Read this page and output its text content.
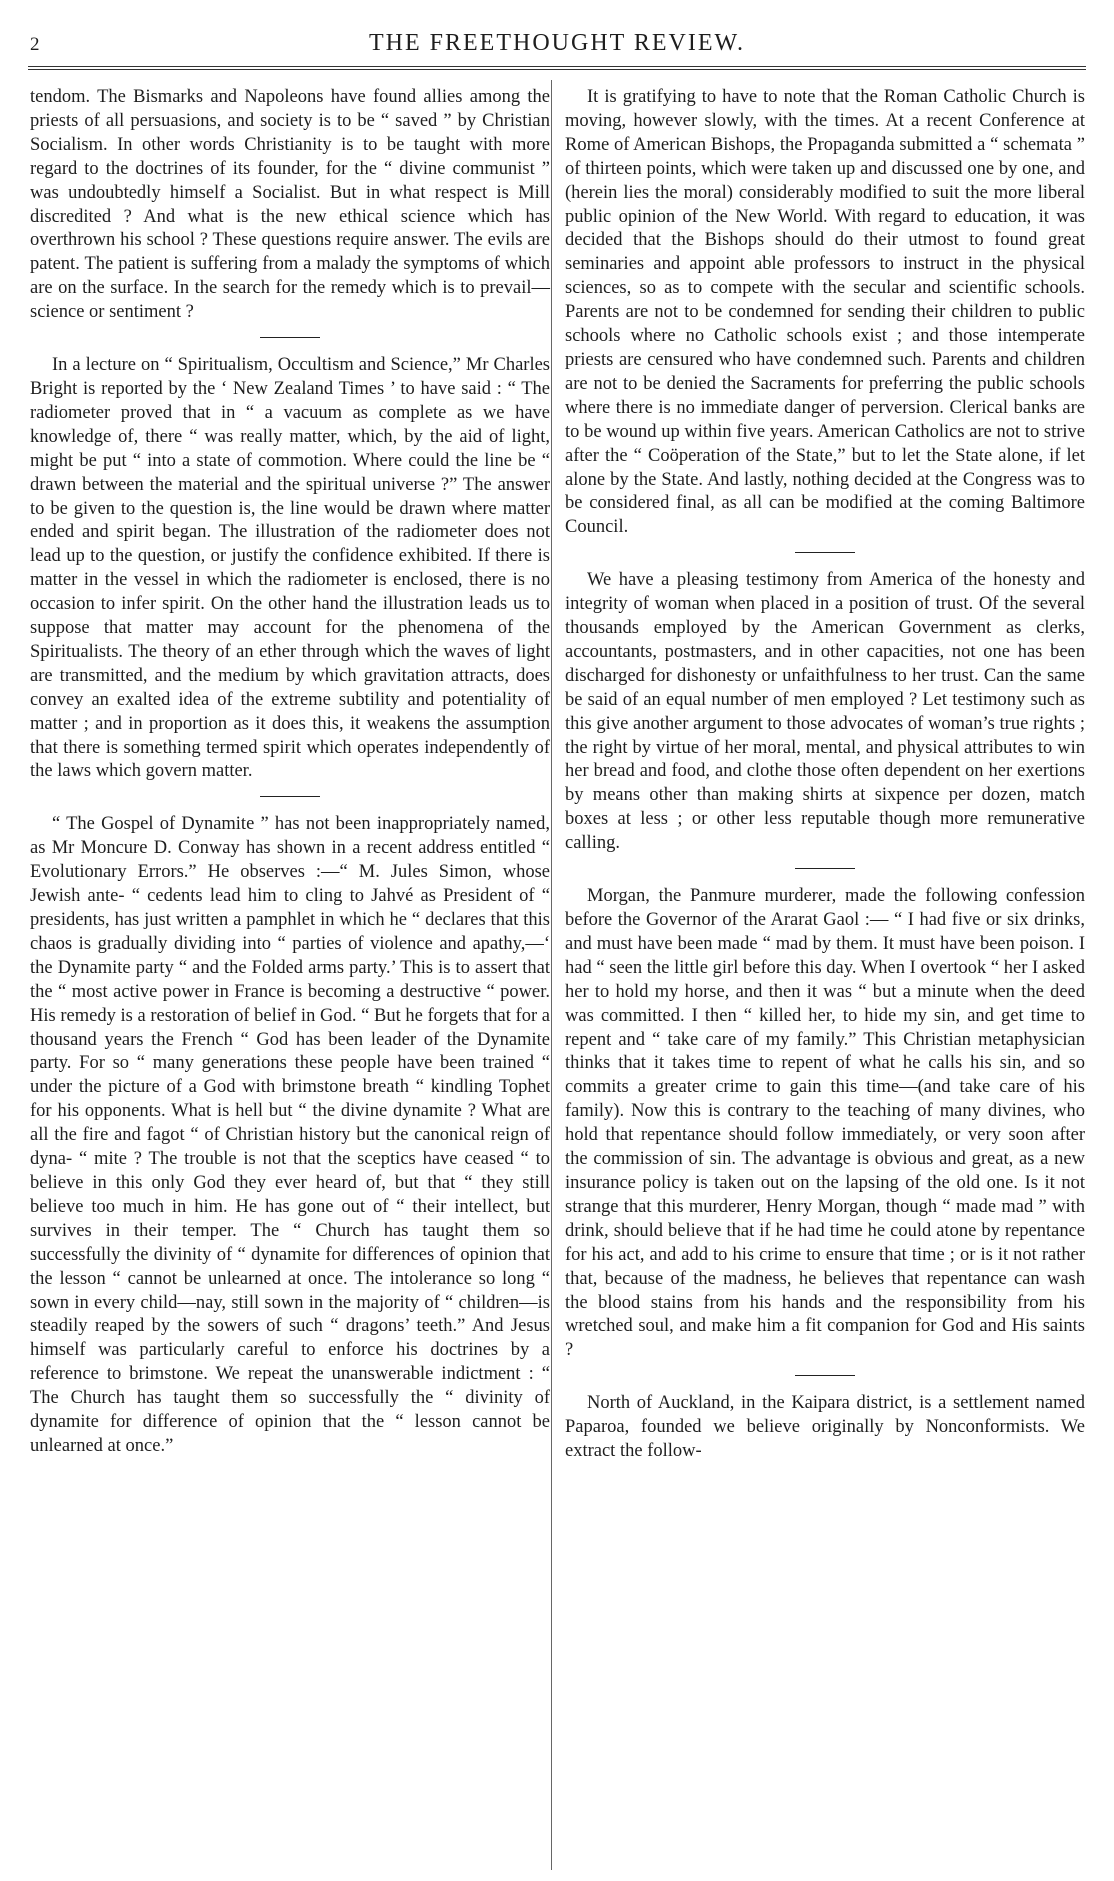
2	THE FREETHOUGHT REVIEW.

tendom. The Bismarks and Napoleons have found allies among the priests of all persuasions, and society is to be “ saved ” by Christian Socialism. In other words Christianity is to be taught with more regard to the doctrines of its founder, for the “ divine communist ” was undoubtedly himself a Socialist. But in what respect is Mill discredited ? And what is the new ethical science which has overthrown his school ? These questions require answer. The evils are patent. The patient is suffering from a malady the symptoms of which are on the surface. In the search for the remedy which is to prevail—science or sentiment ?

In a lecture on “ Spiritualism, Occultism and Science,” Mr Charles Bright is reported by the ‘ New Zealand Times ’ to have said : “ The radiometer proved that in “ a vacuum as complete as we have knowledge of, there “ was really matter, which, by the aid of light, might be put “ into a state of commotion. Where could the line be “ drawn between the material and the spiritual universe ?” The answer to be given to the question is, the line would be drawn where matter ended and spirit began. The illustration of the radiometer does not lead up to the question, or justify the confidence exhibited. If there is matter in the vessel in which the radiometer is enclosed, there is no occasion to infer spirit. On the other hand the illustration leads us to suppose that matter may account for the phenomena of the Spiritualists. The theory of an ether through which the waves of light are transmitted, and the medium by which gravitation attracts, does convey an exalted idea of the extreme subtility and potentiality of matter ; and in proportion as it does this, it weakens the assumption that there is something termed spirit which operates independently of the laws which govern matter.

“ The Gospel of Dynamite ” has not been inappropriately named, as Mr Moncure D. Conway has shown in a recent address entitled “ Evolutionary Errors.” He observes :—“ M. Jules Simon, whose Jewish ante- “ cedents lead him to cling to Jahvé as President of “ presidents, has just written a pamphlet in which he “ declares that this chaos is gradually dividing into “ parties of violence and apathy,—‘ the Dynamite party “ and the Folded arms party.’ This is to assert that the “ most active power in France is becoming a destructive “ power. His remedy is a restoration of belief in God. “ But he forgets that for a thousand years the French “ God has been leader of the Dynamite party. For so “ many generations these people have been trained “ under the picture of a God with brimstone breath “ kindling Tophet for his opponents. What is hell but “ the divine dynamite ? What are all the fire and fagot “ of Christian history but the canonical reign of dyna- “ mite ? The trouble is not that the sceptics have ceased “ to believe in this only God they ever heard of, but that “ they still believe too much in him. He has gone out of “ their intellect, but survives in their temper. The “ Church has taught them so successfully the divinity of “ dynamite for differences of opinion that the lesson “ cannot be unlearned at once. The intolerance so long “ sown in every child—nay, still sown in the majority of “ children—is steadily reaped by the sowers of such “ dragons’ teeth.” And Jesus himself was particularly careful to enforce his doctrines by a reference to brimstone. We repeat the unanswerable indictment : “ The Church has taught them so successfully the “ divinity of dynamite for difference of opinion that the “ lesson cannot be unlearned at once.”

It is gratifying to have to note that the Roman Catholic Church is moving, however slowly, with the times. At a recent Conference at Rome of American Bishops, the Propaganda submitted a “ schemata ” of thirteen points, which were taken up and discussed one by one, and (herein lies the moral) considerably modified to suit the more liberal public opinion of the New World. With regard to education, it was decided that the Bishops should do their utmost to found great seminaries and appoint able professors to instruct in the physical sciences, so as to compete with the secular and scientific schools. Parents are not to be condemned for sending their children to public schools where no Catholic schools exist ; and those intemperate priests are censured who have condemned such. Parents and children are not to be denied the Sacraments for preferring the public schools where there is no immediate danger of perversion. Clerical banks are to be wound up within five years. American Catholics are not to strive after the “ Coöperation of the State,” but to let the State alone, if let alone by the State. And lastly, nothing decided at the Congress was to be considered final, as all can be modified at the coming Baltimore Council.

We have a pleasing testimony from America of the honesty and integrity of woman when placed in a position of trust. Of the several thousands employed by the American Government as clerks, accountants, postmasters, and in other capacities, not one has been discharged for dishonesty or unfaithfulness to her trust. Can the same be said of an equal number of men employed ? Let testimony such as this give another argument to those advocates of woman’s true rights ; the right by virtue of her moral, mental, and physical attributes to win her bread and food, and clothe those often dependent on her exertions by means other than making shirts at sixpence per dozen, match boxes at less ; or other less reputable though more remunerative calling.

Morgan, the Panmure murderer, made the following confession before the Governor of the Ararat Gaol :— “ I had five or six drinks, and must have been made “ mad by them. It must have been poison. I had “ seen the little girl before this day. When I overtook “ her I asked her to hold my horse, and then it was “ but a minute when the deed was committed. I then “ killed her, to hide my sin, and get time to repent and “ take care of my family.” This Christian metaphysician thinks that it takes time to repent of what he calls his sin, and so commits a greater crime to gain this time—(and take care of his family). Now this is contrary to the teaching of many divines, who hold that repentance should follow immediately, or very soon after the commission of sin. The advantage is obvious and great, as a new insurance policy is taken out on the lapsing of the old one. Is it not strange that this murderer, Henry Morgan, though “ made mad ” with drink, should believe that if he had time he could atone by repentance for his act, and add to his crime to ensure that time ; or is it not rather that, because of the madness, he believes that repentance can wash the blood stains from his hands and the responsibility from his wretched soul, and make him a fit companion for God and His saints ?

North of Auckland, in the Kaipara district, is a settlement named Paparoa, founded we believe originally by Nonconformists. We extract the follow-
